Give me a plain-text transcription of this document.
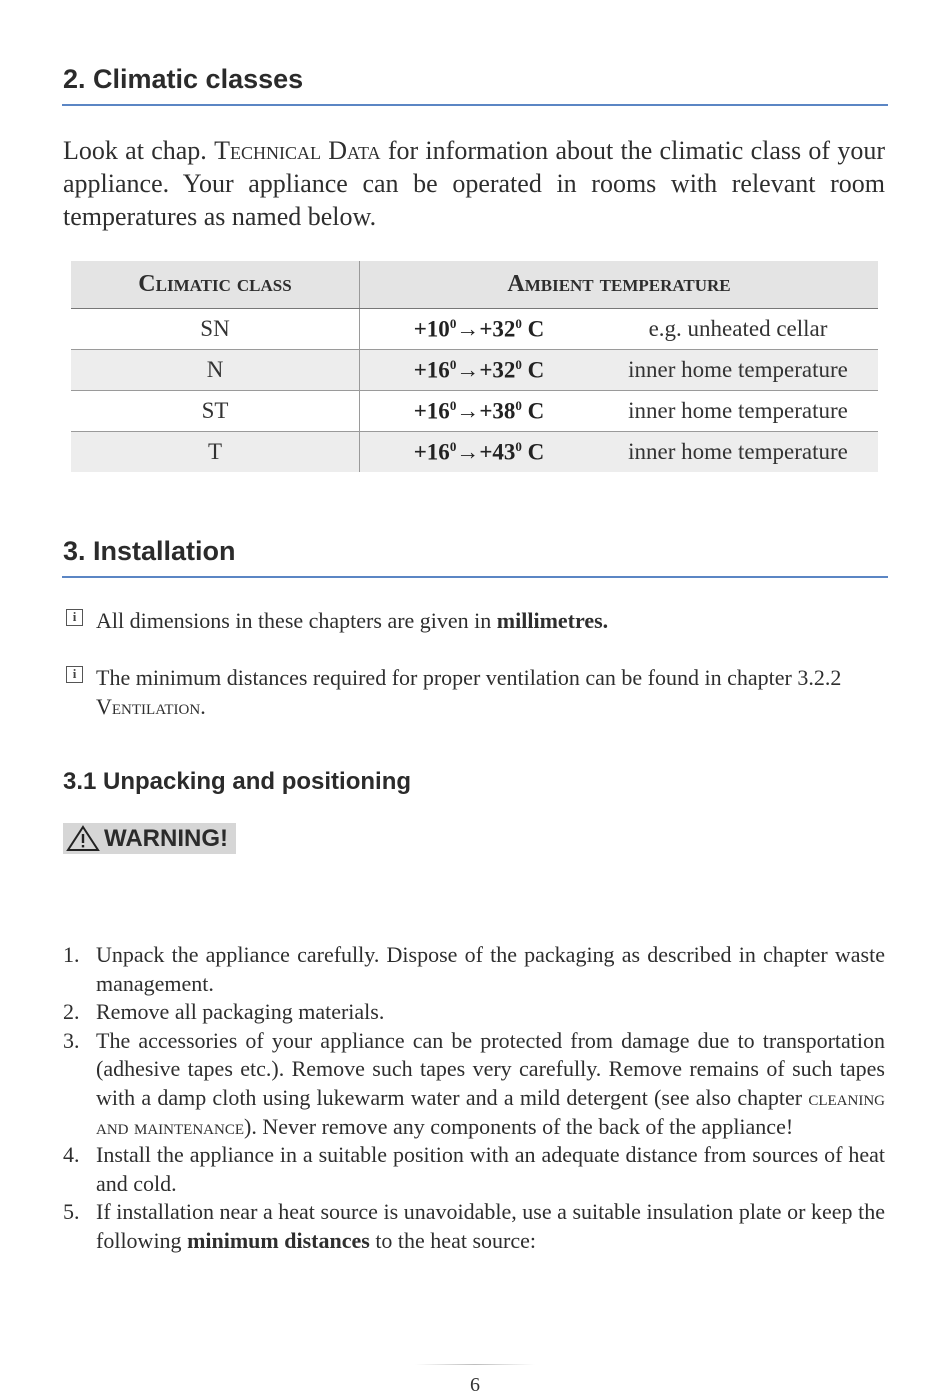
2. Climatic classes
Look at chap. Technical Data for information about the climatic class of your appliance. Your appliance can be operated in rooms with relevant room temperatures as named below.
Climatic class	Ambient temperature	
SN	$+10^0\to+32^0$ C	e.g. unheated cellar
N	$+16^0\to+32^0$ C	inner home temperature
ST	$+16^0\to+38^0$ C	inner home temperature
T	$+16^0\to+43^0$ C	inner home temperature
3. Installation
i All dimensions in these chapters are given in millimetres.
i The minimum distances required for proper ventilation can be found in chapter 3.2.2 Ventilation.
3.1 Unpacking and positioning
WARNING!
1. Unpack the appliance carefully. Dispose of the packaging as described in chapter waste management.
2. Remove all packaging materials.
3. The accessories of your appliance can be protected from damage due to transportation (adhesive tapes etc.). Remove such tapes very carefully. Remove remains of such tapes with a damp cloth using lukewarm water and a mild detergent (see also chapter cleaning and maintenance). Never remove any components of the back of the appliance!
4. Install the appliance in a suitable position with an adequate distance from sources of heat and cold.
5. If installation near a heat source is unavoidable, use a suitable insulation plate or keep the following minimum distances to the heat source:
6
